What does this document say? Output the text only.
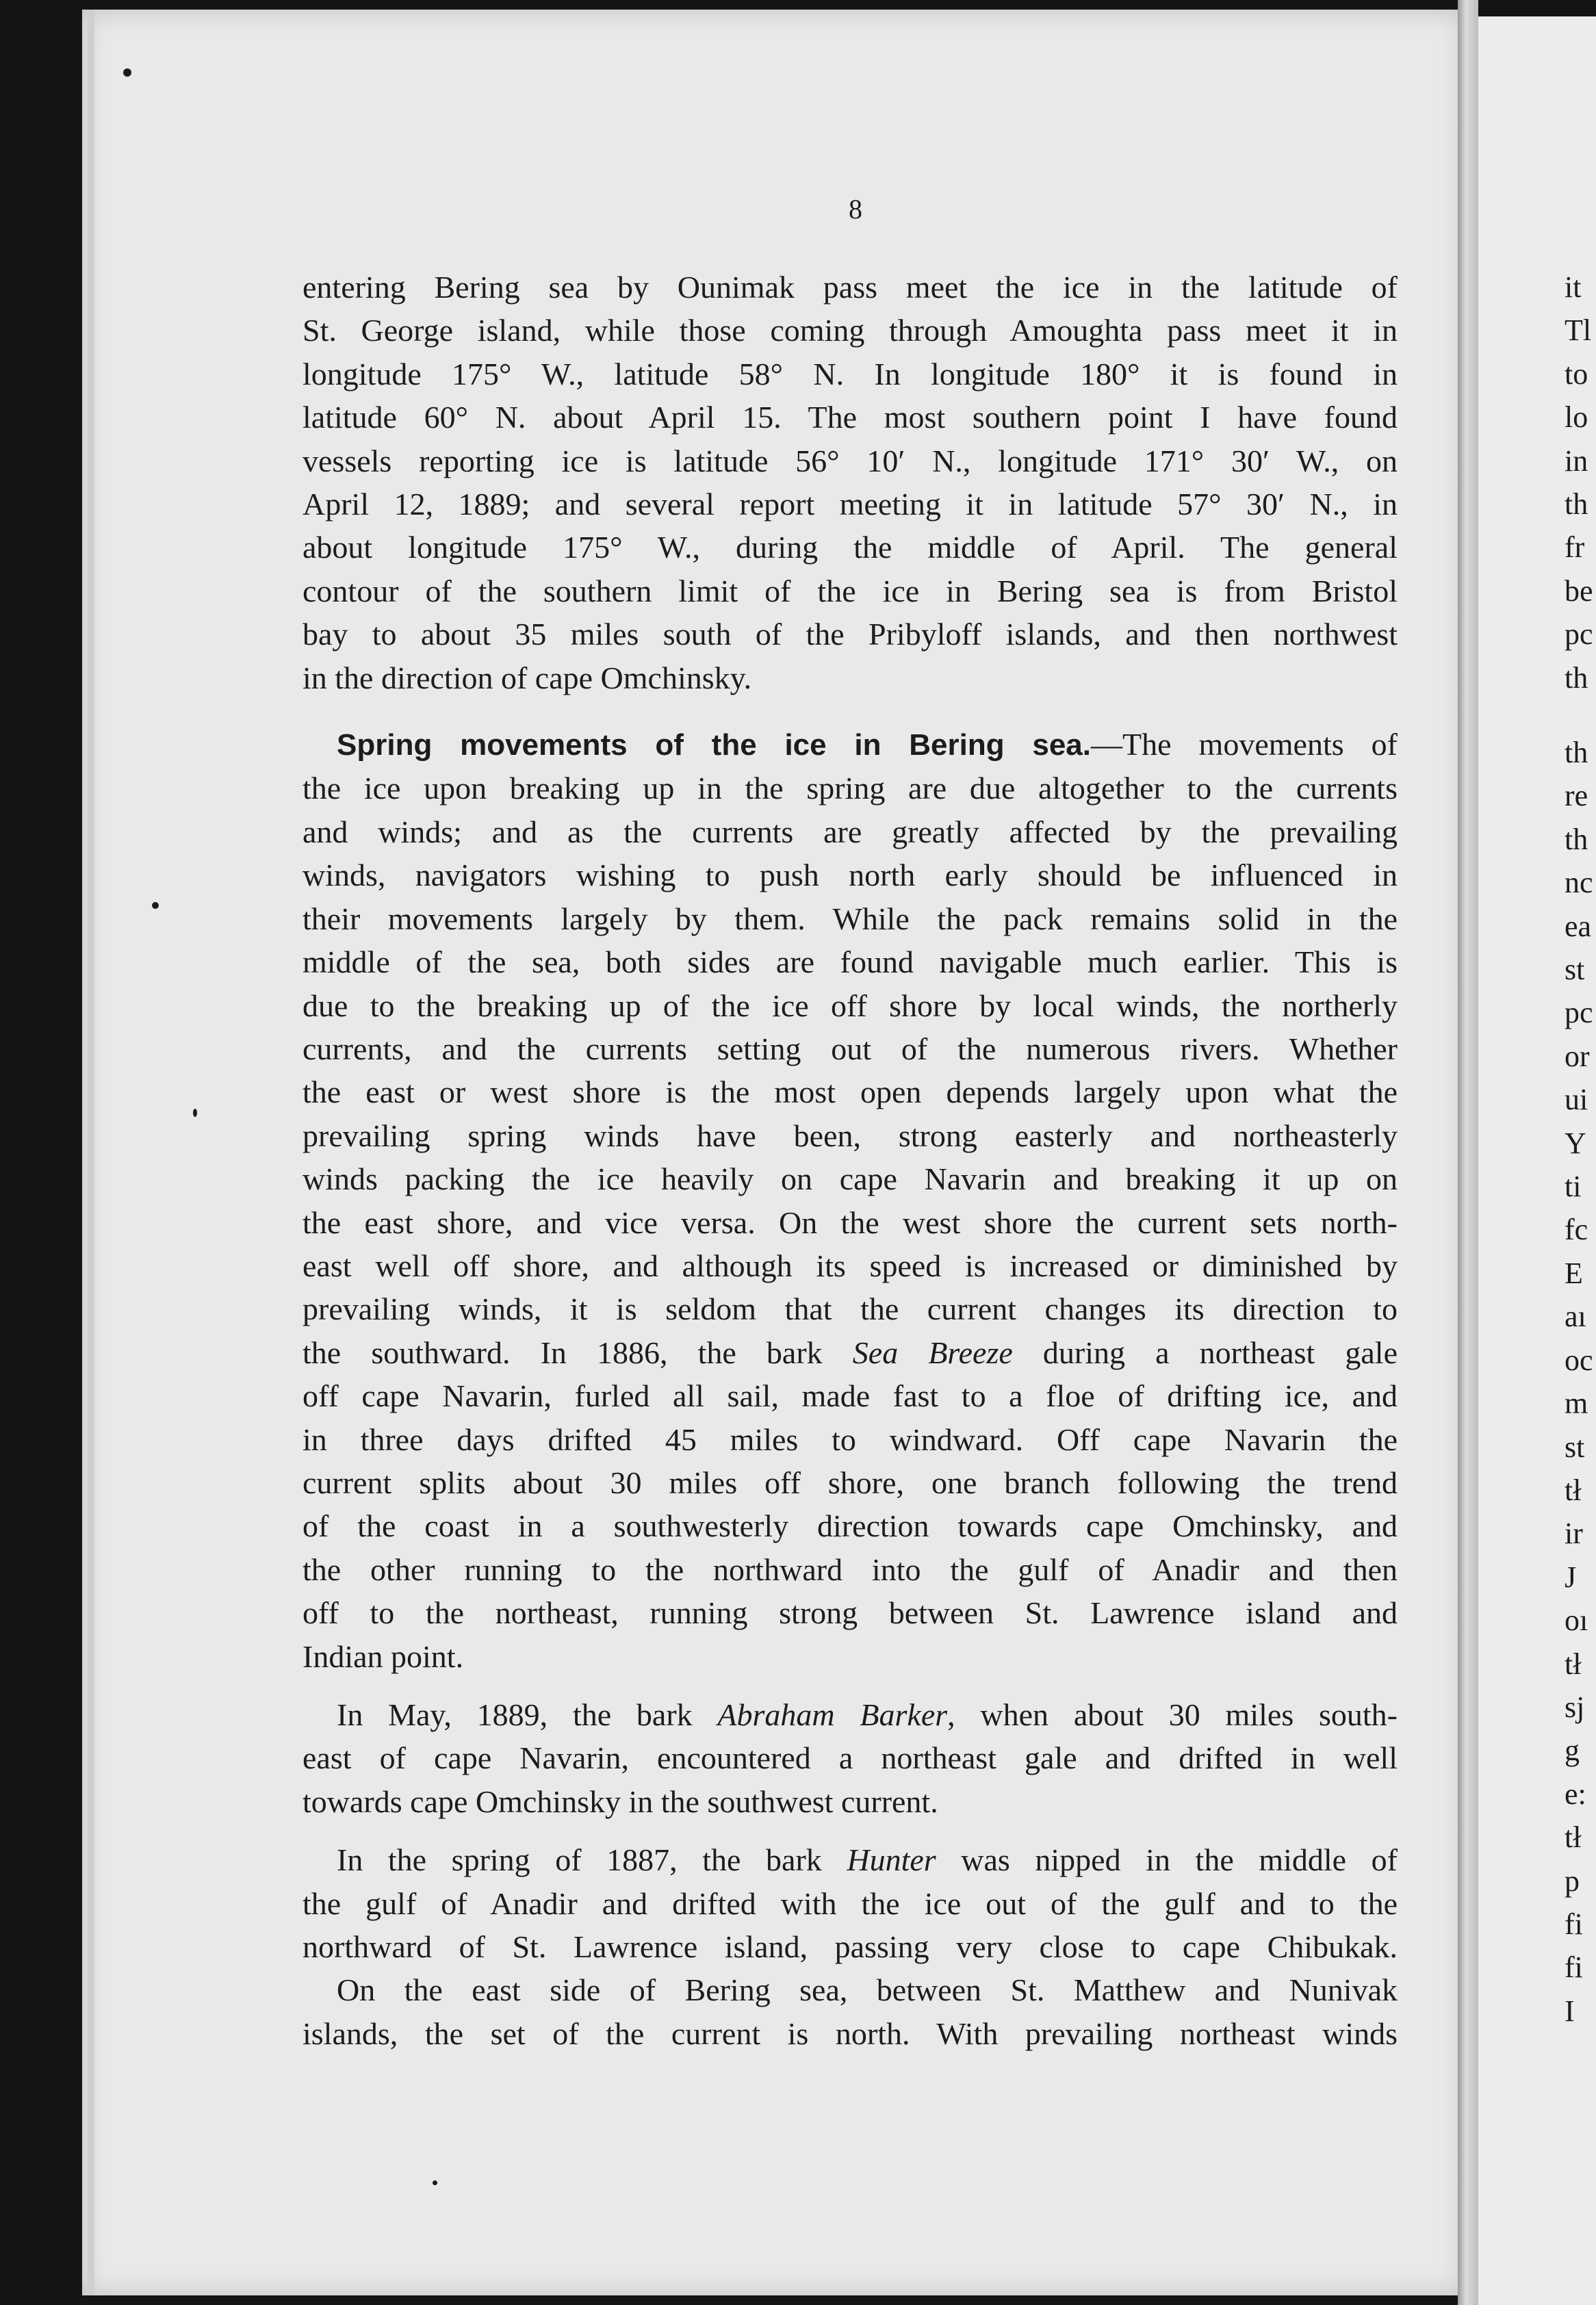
8
entering Bering sea by Ounimak pass meet the ice in the latitude of
St. George island, while those coming through Amoughta pass meet it in
longitude 175° W., latitude 58° N. In longitude 180° it is found in
latitude 60° N. about April 15. The most southern point I have found
vessels reporting ice is latitude 56° 10′ N., longitude 171° 30′ W., on
April 12, 1889; and several report meeting it in latitude 57° 30′ N., in
about longitude 175° W., during the middle of April. The general
contour of the southern limit of the ice in Bering sea is from Bristol
bay to about 35 miles south of the Pribyloff islands, and then northwest
in the direction of cape Omchinsky.
Spring movements of the ice in Bering sea.—The movements of
the ice upon breaking up in the spring are due altogether to the currents
and winds; and as the currents are greatly affected by the prevailing
winds, navigators wishing to push north early should be influenced in
their movements largely by them. While the pack remains solid in the
middle of the sea, both sides are found navigable much earlier. This is
due to the breaking up of the ice off shore by local winds, the northerly
currents, and the currents setting out of the numerous rivers. Whether
the east or west shore is the most open depends largely upon what the
prevailing spring winds have been, strong easterly and northeasterly
winds packing the ice heavily on cape Navarin and breaking it up on
the east shore, and vice versa. On the west shore the current sets north-
east well off shore, and although its speed is increased or diminished by
prevailing winds, it is seldom that the current changes its direction to
the southward. In 1886, the bark Sea Breeze during a northeast gale
off cape Navarin, furled all sail, made fast to a floe of drifting ice, and
in three days drifted 45 miles to windward. Off cape Navarin the
current splits about 30 miles off shore, one branch following the trend
of the coast in a southwesterly direction towards cape Omchinsky, and
the other running to the northward into the gulf of Anadir and then
off to the northeast, running strong between St. Lawrence island and
Indian point.
In May, 1889, the bark Abraham Barker, when about 30 miles south-
east of cape Navarin, encountered a northeast gale and drifted in well
towards cape Omchinsky in the southwest current.
In the spring of 1887, the bark Hunter was nipped in the middle of
the gulf of Anadir and drifted with the ice out of the gulf and to the
northward of St. Lawrence island, passing very close to cape Chibukak.
On the east side of Bering sea, between St. Matthew and Nunivak
islands, the set of the current is north. With prevailing northeast winds
it
Tl
to
lo
in
th
fr
be
pc
th
th
re
th
nc
ea
st
pc
or
ui
Y
ti
fc
E
aı
oc
m
st
tł
ir
J
oı
tł
sj
g
e:
tł
p
fi
fi
I
